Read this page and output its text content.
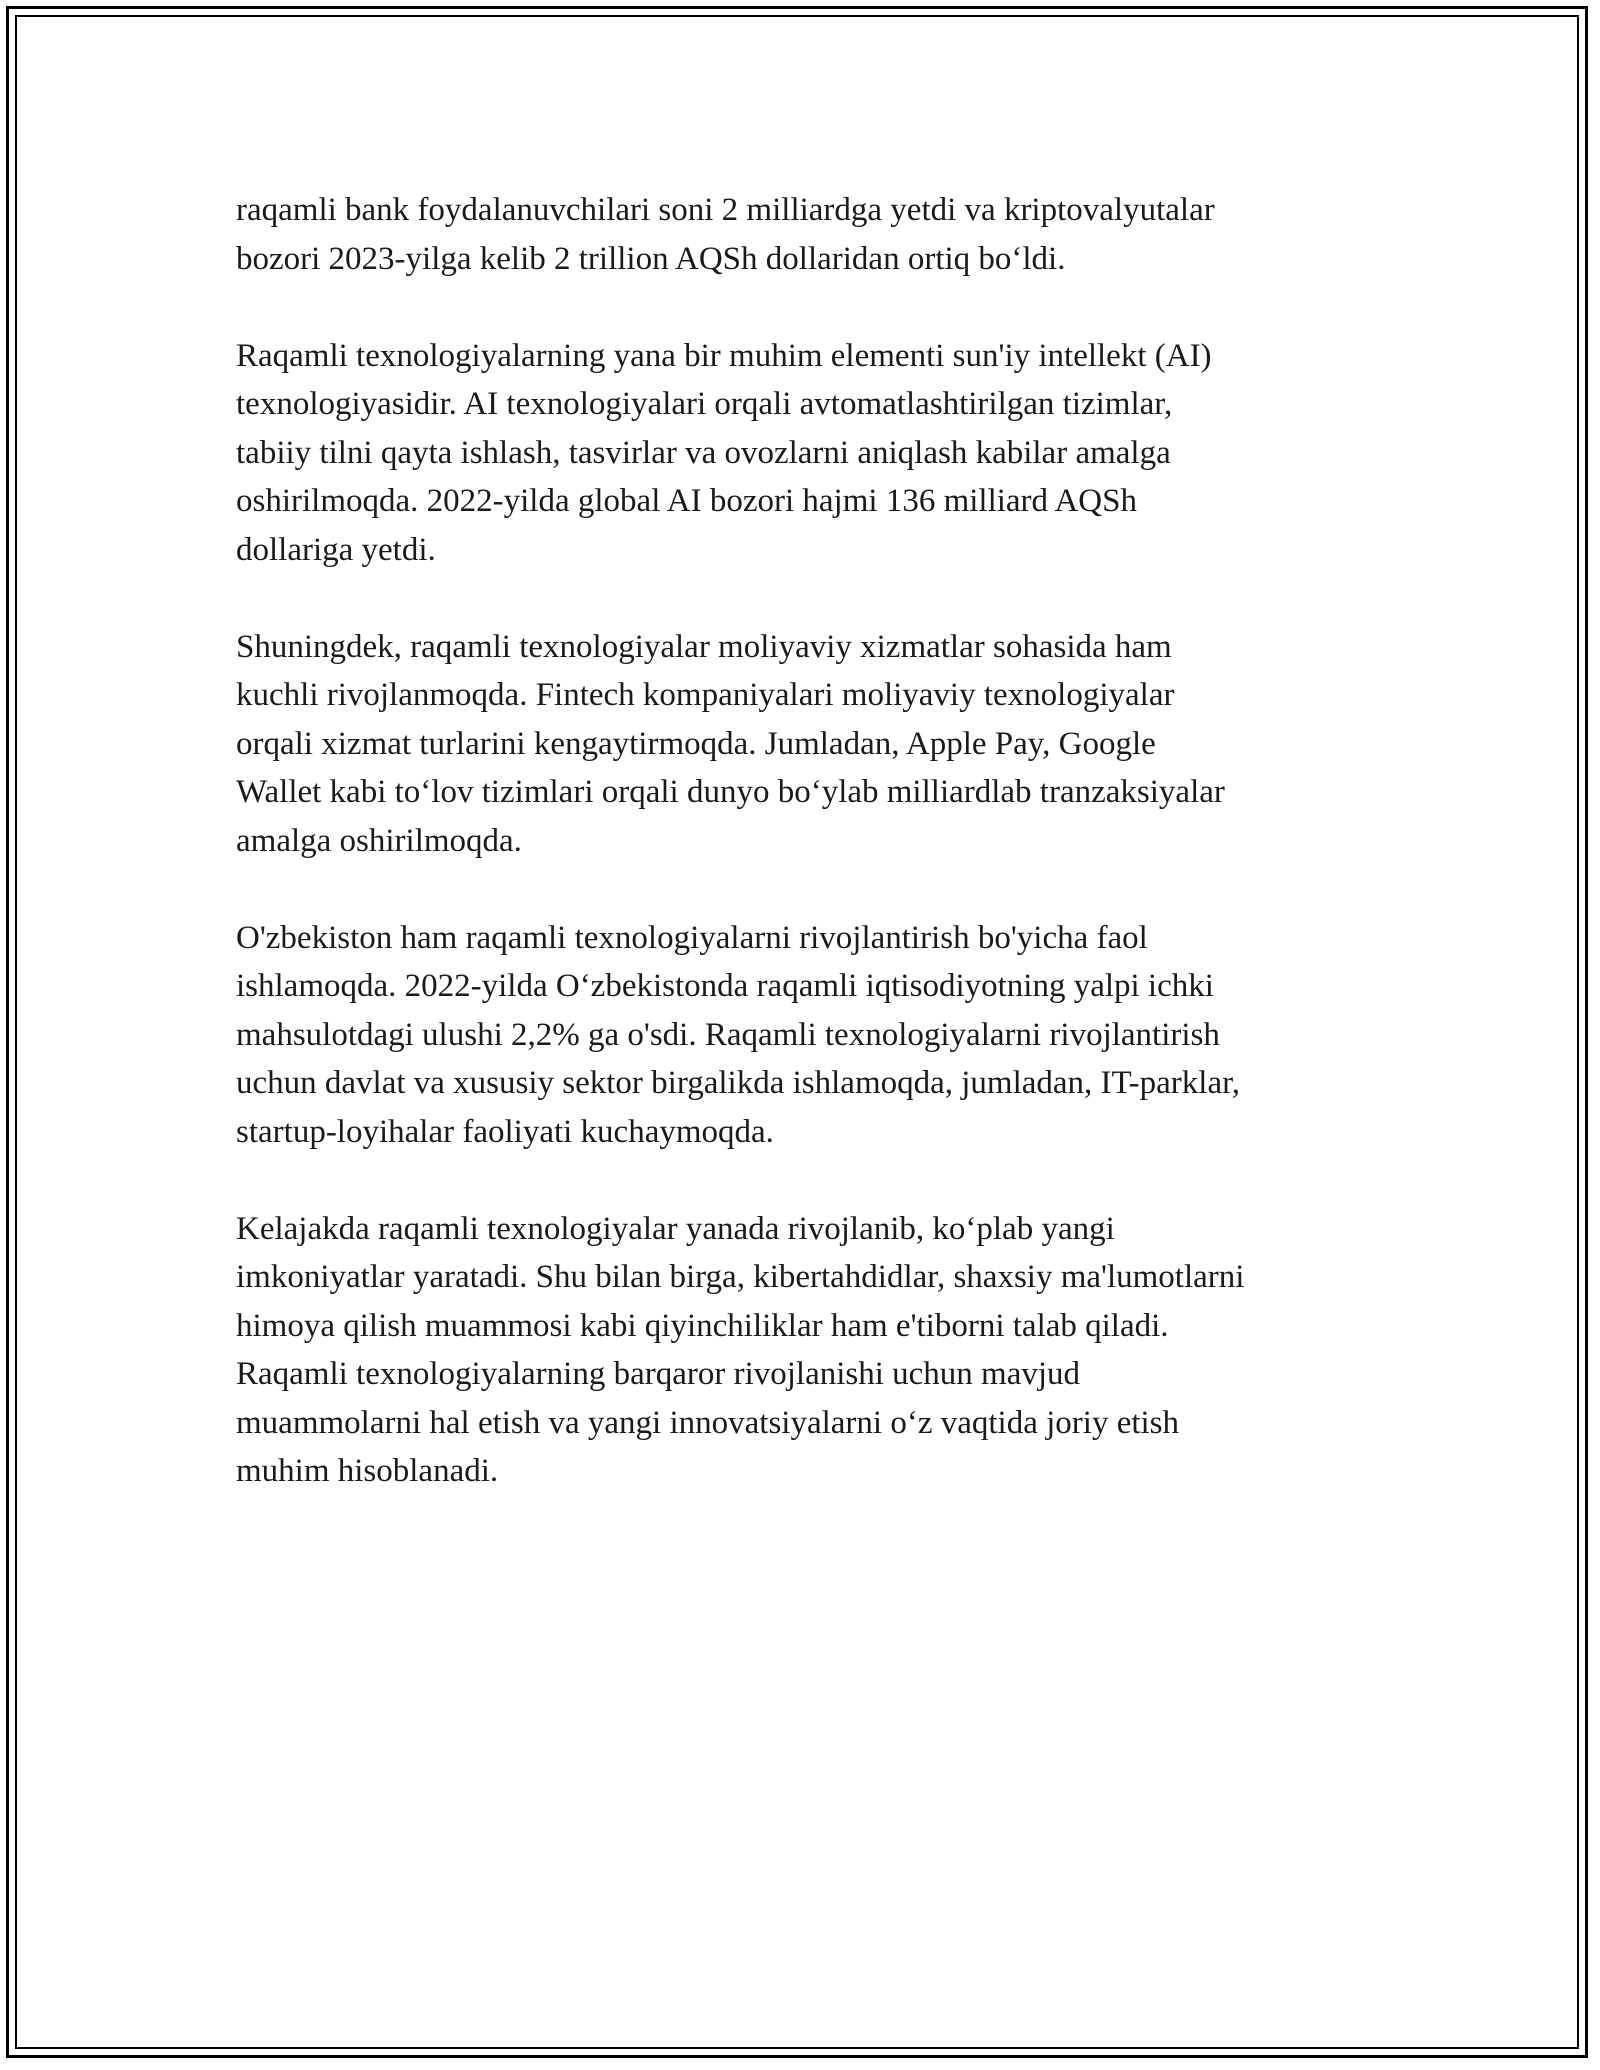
raqamli bank foydalanuvchilari soni 2 milliardga yetdi va kriptovalyutalar
bozori 2023-yilga kelib 2 trillion AQSh dollaridan ortiq bo‘ldi.

Raqamli texnologiyalarning yana bir muhim elementi sun'iy intellekt (AI)
texnologiyasidir. AI texnologiyalari orqali avtomatlashtirilgan tizimlar,
tabiiy tilni qayta ishlash, tasvirlar va ovozlarni aniqlash kabilar amalga
oshirilmoqda. 2022-yilda global AI bozori hajmi 136 milliard AQSh
dollariga yetdi.

Shuningdek, raqamli texnologiyalar moliyaviy xizmatlar sohasida ham
kuchli rivojlanmoqda. Fintech kompaniyalari moliyaviy texnologiyalar
orqali xizmat turlarini kengaytirmoqda. Jumladan, Apple Pay, Google
Wallet kabi to‘lov tizimlari orqali dunyo bo‘ylab milliardlab tranzaksiyalar
amalga oshirilmoqda.

O'zbekiston ham raqamli texnologiyalarni rivojlantirish bo'yicha faol
ishlamoqda. 2022-yilda O‘zbekistonda raqamli iqtisodiyotning yalpi ichki
mahsulotdagi ulushi 2,2% ga o'sdi. Raqamli texnologiyalarni rivojlantirish
uchun davlat va xususiy sektor birgalikda ishlamoqda, jumladan, IT-parklar,
startup-loyihalar faoliyati kuchaymoqda.

Kelajakda raqamli texnologiyalar yanada rivojlanib, ko‘plab yangi
imkoniyatlar yaratadi. Shu bilan birga, kibertahdidlar, shaxsiy ma'lumotlarni
himoya qilish muammosi kabi qiyinchiliklar ham e'tiborni talab qiladi.
Raqamli texnologiyalarning barqaror rivojlanishi uchun mavjud
muammolarni hal etish va yangi innovatsiyalarni o‘z vaqtida joriy etish
muhim hisoblanadi.
